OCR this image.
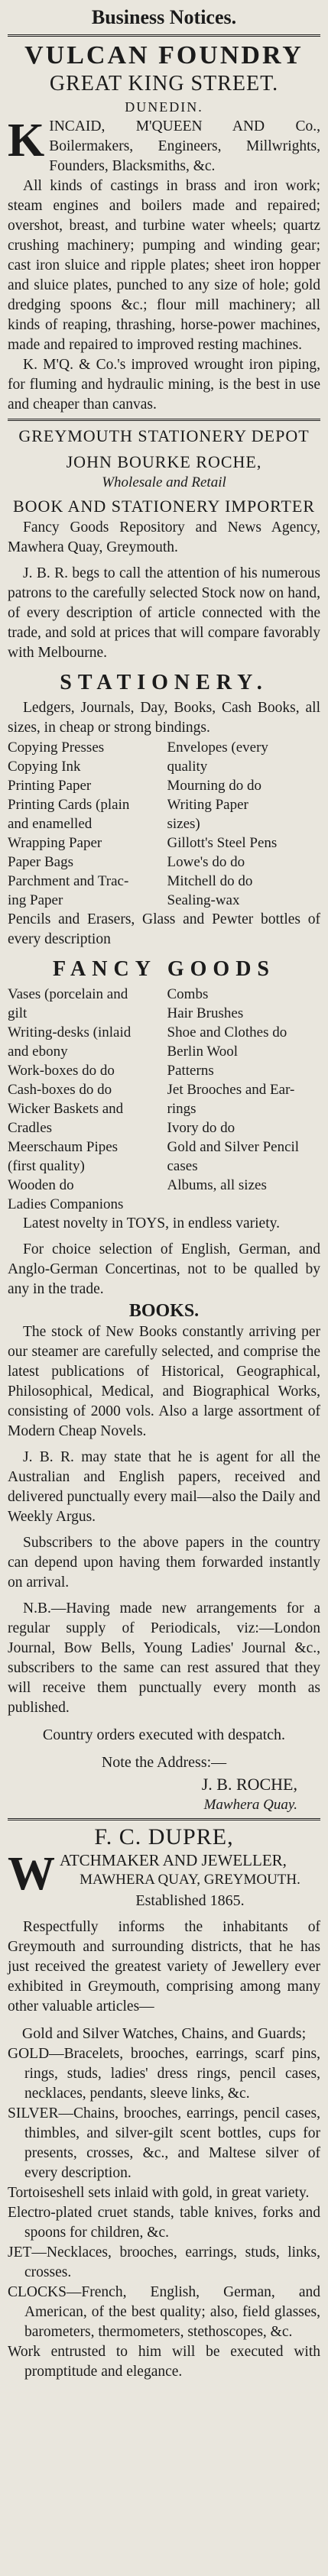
Business Notices.
VULCAN FOUNDRY
GREAT KING STREET.
DUNEDIN.

KINCAID, M'QUEEN AND Co., Boilermakers, Engineers, Millwrights, Founders, Blacksmiths, &c.

All kinds of castings in brass and iron work; steam engines and boilers made and repaired; overshot, breast, and turbine water wheels; quartz crushing machinery; pumping and winding gear; cast iron sluice and ripple plates; sheet iron hopper and sluice plates, punched to any size of hole; gold dredging spoons &c.; flour mill machinery; all kinds of reaping, thrashing, horse-power machines, made and repaired to improved resting machines.

K. M'Q. & Co.'s improved wrought iron piping, for fluming and hydraulic mining, is the best in use and cheaper than canvas.

GREYMOUTH STATIONERY DEPOT
JOHN BOURKE ROCHE,
Wholesale and Retail
BOOK AND STATIONERY IMPORTER

Fancy Goods Repository and News Agency, Mawhera Quay, Greymouth.

J. B. R. begs to call the attention of his numerous patrons to the carefully selected Stock now on hand, of every description of article connected with the trade, and sold at prices that will compare favorably with Melbourne.

STATIONERY.

Ledgers, Journals, Day, Books, Cash Books, all sizes, in cheap or strong bindings.

Copying Presses	Envelopes (every
Copying Ink	quality
Printing Paper	Mourning do do
Printing Cards (plain	Writing Paper
and enamelled	sizes)
Wrapping Paper	Gillott's Steel Pens
Paper Bags	Lowe's do do
Parchment and Trac-	Mitchell do do
ing Paper	Sealing-wax

Pencils and Erasers, Glass and Pewter bottles of every description

FANCY GOODS
Vases (porcelain and	Combs
gilt	Hair Brushes
Writing-desks (inlaid	Shoe and Clothes do
and ebony	Berlin Wool
Work-boxes do do	Patterns
Cash-boxes do do	Jet Brooches and Ear-
Wicker Baskets and	rings
Cradles	Ivory do do
Meerschaum Pipes	Gold and Silver Pencil
(first quality)	cases
Wooden do	Albums, all sizes
Ladies Companions

Latest novelty in TOYS, in endless variety.

For choice selection of English, German, and Anglo-German Concertinas, not to be qualled by any in the trade.

BOOKS.

The stock of New Books constantly arriving per our steamer are carefully selected, and comprise the latest publications of Historical, Geographical, Philosophical, Medical, and Biographical Works, consisting of 2000 vols. Also a large assortment of Modern Cheap Novels.

J. B. R. may state that he is agent for all the Australian and English papers, received and delivered punctually every mail—also the Daily and Weekly Argus.

Subscribers to the above papers in the country can depend upon having them forwarded instantly on arrival.

N.B.—Having made new arrangements for a regular supply of Periodicals, viz:—London Journal, Bow Bells, Young Ladies' Journal &c., subscribers to the same can rest assured that they will receive them punctually every month as published.

Country orders executed with despatch.
Note the Address:—
J. B. ROCHE,
Mawhera Quay.
F. C. DUPRE,

WATCHMAKER AND JEWELLER,

MAWHERA QUAY, GREYMOUTH.
Established 1865.

Respectfully informs the inhabitants of Greymouth and surrounding districts, that he has just received the greatest variety of Jewellery ever exhibited in Greymouth, comprising among many other valuable articles—

Gold and Silver Watches, Chains, and Guards;

GOLD—Bracelets, brooches, earrings, scarf pins, rings, studs, ladies' dress rings, pencil cases, necklaces, pendants, sleeve links, &c.

SILVER—Chains, brooches, earrings, pencil cases, thimbles, and silver-gilt scent bottles, cups for presents, crosses, &c., and Maltese silver of every description.

Tortoiseshell sets inlaid with gold, in great variety.

Electro-plated cruet stands, table knives, forks and spoons for children, &c.

JET—Necklaces, brooches, earrings, studs, links, crosses.

CLOCKS—French, English, German, and American, of the best quality; also, field glasses, barometers, thermometers, stethoscopes, &c.

Work entrusted to him will be executed with promptitude and elegance.
